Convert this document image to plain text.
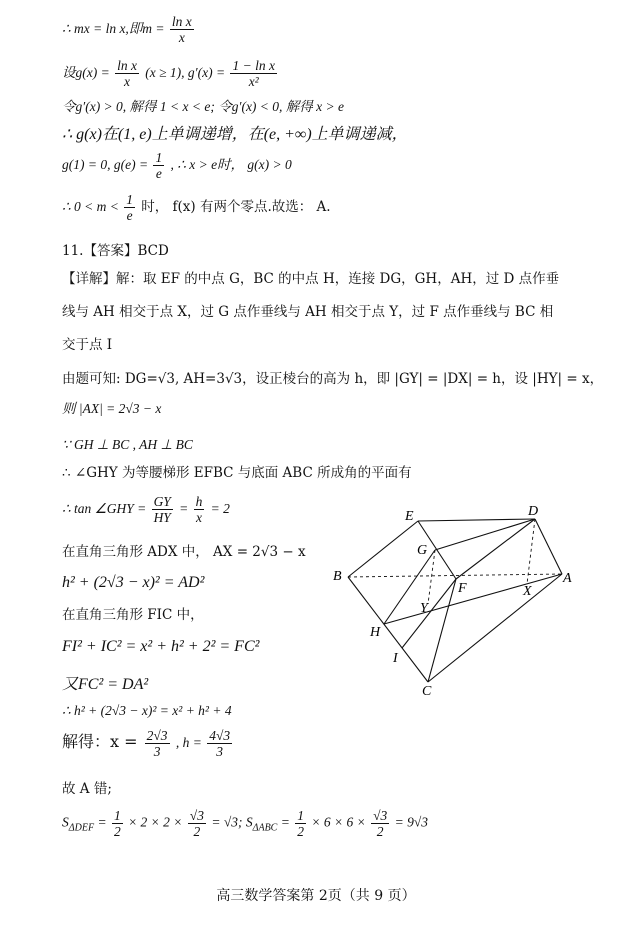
∴ mx = ln x,即$m = \frac{\text{ln x}}{x}$
设$g(x) = \frac{\text{ln x}}{x} (x \ge 1)$, $g'(x) = \frac{\text{1 − ln x}}{\text{x²}}$
令g′(x) > 0, 解得 1 < x < e; 令g′(x) < 0, 解得 x > e
∴ g(x)在(1, e)上单调递增，在(e, +∞)上单调递减，
g(1) = 0, $g(e) = \frac{1}{e}$ , ∴ x > e时， g(x) > 0
∴ $0 < m < \frac{1}{e}$ 时， f(x) 有两个零点.故选： A.
11.【答案】BCD
【详解】解：取 EF 的中点 G，BC 的中点 H，连接 DG，GH，AH，过 D 点作垂
线与 AH 相交于点 X，过 G 点作垂线与 AH 相交于点 Y，过 F 点作垂线与 BC 相
交于点 I
由题可知: DG=√3, AH=3√3，设正棱台的高为 h，即 |GY| = |DX| = h，设 |HY| = x，
则 |AX| = 2√3 − x
∵ GH ⊥ BC , AH ⊥ BC
∴ ∠GHY 为等腰梯形 EFBC 与底面 ABC 所成角的平面有
∴ tan ∠GHY = $\frac{GY}{HY} = \frac{h}{x} = 2$
在直角三角形 ADX 中， AX = 2√3 − x
h² + (2√3 − x)² = AD²
在直角三角形 FIC 中，
FI² + IC² = x² + h² + 2² = FC²
又FC² = DA²
∴ h² + (2√3 − x)² = x² + h² + 4
解得：$x = \frac{2√3}{3}$ , $h = \frac{4√3}{3}$
故 A 错;
$S_{\Delta DEF} = \frac{1}{2} \times 2 \times 2 \times \frac{√3}{2} = √3$; $S_{\Delta ABC} = \frac{1}{2} \times 6 \times 6 \times \frac{√3}{2} = 9√3$
E	D
G
B
F
A
Y
X
H
I
C
高三数学答案第 2页（共 9 页）
